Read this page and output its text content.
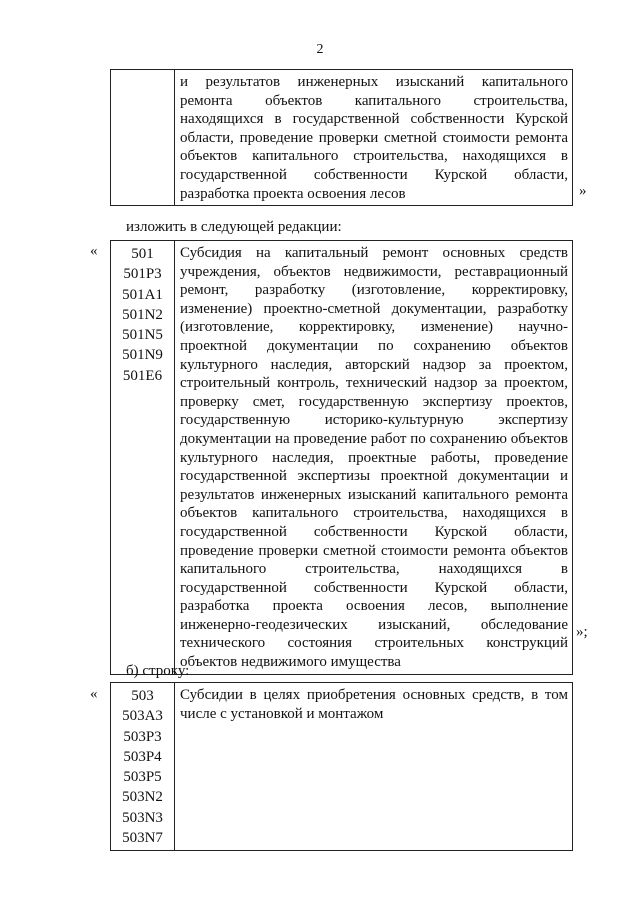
2
	и результатов инженерных изысканий капитального ремонта объектов капитального строительства, находящихся в государственной собственности Курской области, проведение проверки сметной стоимости ремонта объектов капитального строительства, находящихся в государственной собственности Курской области, разработка проекта освоения лесов	»
изложить в следующей редакции:
«	501
501Р3
501А1
501N2
501N5
501N9
501Е6
	Субсидия на капитальный ремонт основных средств учреждения, объектов недвижимости, реставрационный ремонт, разработку (изготовление, корректировку, изменение) проектно-сметной документации, разработку (изготовление, корректировку, изменение) научно-проектной документации по сохранению объектов культурного наследия, авторский надзор за проектом, строительный контроль, технический надзор за проектом, проверку смет, государственную экспертизу проектов, государственную историко-культурную экспертизу документации на проведение работ по сохранению объектов культурного наследия, проектные работы, проведение государственной экспертизы проектной документации и результатов инженерных изысканий капитального ремонта объектов капитального строительства, находящихся в государственной собственности Курской области, проведение проверки сметной стоимости ремонта объектов капитального строительства, находящихся в государственной собственности Курской области, разработка проекта освоения лесов, выполнение инженерно-геодезических изысканий, обследование технического состояния строительных конструкций объектов недвижимого имущества
»;
б) строку:
«	503
503А3
503Р3
503Р4
503Р5
503N2
503N3
503N7
	Субсидии в целях приобретения основных средств, в том числе с установкой и монтажом
